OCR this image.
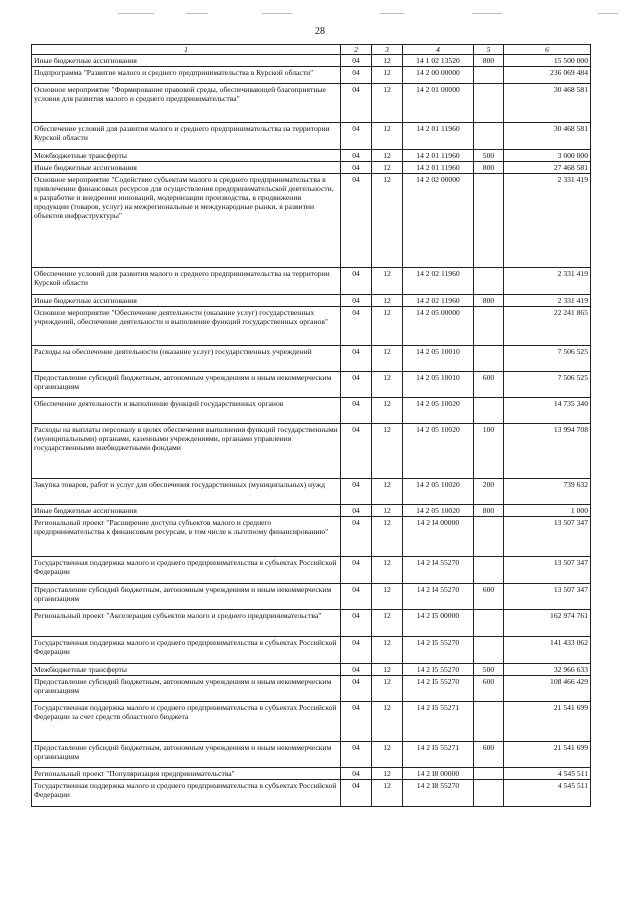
28
1	2	3	4	5	6
Иные бюджетные ассигнования	04	12	14 1 02 13520	800	15 500 000
Подпрограмма "Развитие малого и среднего предпринимательства в Курской области"	04	12	14 2 00 00000		236 069 484
Основное мероприятие "Формирование правовой среды, обеспечивающей благоприятные условия для развития малого и среднего предпринимательства"	04	12	14 2 01 00000		30 468 581
Обеспечение условий для развития малого и среднего предпринимательства на территории Курской области	04	12	14 2 01 11960		30 468 581
Межбюджетные трансферты	04	12	14 2 01 11960	500	3 000 000
Иные бюджетные ассигнования	04	12	14 2 01 11960	800	27 468 581
Основное мероприятие "Содействие субъектам малого и среднего предпринимательства в привлечении финансовых ресурсов для осуществления предпринимательской деятельности, в разработке и внедрении инноваций, модернизации производства, в продвижении продукции (товаров, услуг) на межрегиональные и международные рынки, в развитии объектов инфраструктуры"	04	12	14 2 02 00000		2 331 419
Обеспечение условий для развития малого и среднего предпринимательства на территории Курской области	04	12	14 2 02 11960		2 331 419
Иные бюджетные ассигнования	04	12	14 2 02 11960	800	2 331 419
Основное мероприятие "Обеспечение деятельности (оказание услуг) государственных учреждений, обеспечение деятельности и выполнение функций государственных органов"	04	12	14 2 05 00000		22 241 865
Расходы на обеспечение деятельности (оказание услуг) государственных учреждений	04	12	14 2 05 10010		7 506 525
Предоставление субсидий бюджетным, автономным учреждениям и иным некоммерческим организациям	04	12	14 2 05 10010	600	7 506 525
Обеспечение деятельности и выполнение функций государственных органов	04	12	14 2 05 10020		14 735 340
Расходы на выплаты персоналу в целях обеспечения выполнения функций государственными (муниципальными) органами, казенными учреждениями, органами управления государственными внебюджетными фондами	04	12	14 2 05 10020	100	13 994 708
Закупка товаров, работ и услуг для обеспечения государственных (муниципальных) нужд	04	12	14 2 05 10020	200	739 632
Иные бюджетные ассигнования	04	12	14 2 05 10020	800	1 000
Региональный проект "Расширение доступа субъектов малого и среднего предпринимательства к финансовым ресурсам, в том числе к льготному финансированию"	04	12	14 2 I4 00000		13 507 347
Государственная поддержка малого и среднего предпринимательства в субъектах Российской Федерации	04	12	14 2 I4 55270		13 507 347
Предоставление субсидий бюджетным, автономным учреждениям и иным некоммерческим организациям	04	12	14 2 I4 55270	600	13 507 347
Региональный проект "Акселерация субъектов малого и среднего предпринимательства"	04	12	14 2 I5 00000		162 974 761
Государственная поддержка малого и среднего предпринимательства в субъектах Российской Федерации	04	12	14 2 I5 55270		141 433 062
Межбюджетные трансферты	04	12	14 2 I5 55270	500	32 966 633
Предоставление субсидий бюджетным, автономным учреждениям и иным некоммерческим организациям	04	12	14 2 I5 55270	600	108 466 429
Государственная поддержка малого и среднего предпринимательства в субъектах Российской Федерации за счет средств областного бюджета	04	12	14 2 I5 55271		21 541 699
Предоставление субсидий бюджетным, автономным учреждениям и иным некоммерческим организациям	04	12	14 2 I5 55271	600	21 541 699
Региональный проект "Популяризация предпринимательства"	04	12	14 2 I8 00000		4 545 511
Государственная поддержка малого и среднего предпринимательства в субъектах Российской Федерации	04	12	14 2 I8 55270		4 545 511
